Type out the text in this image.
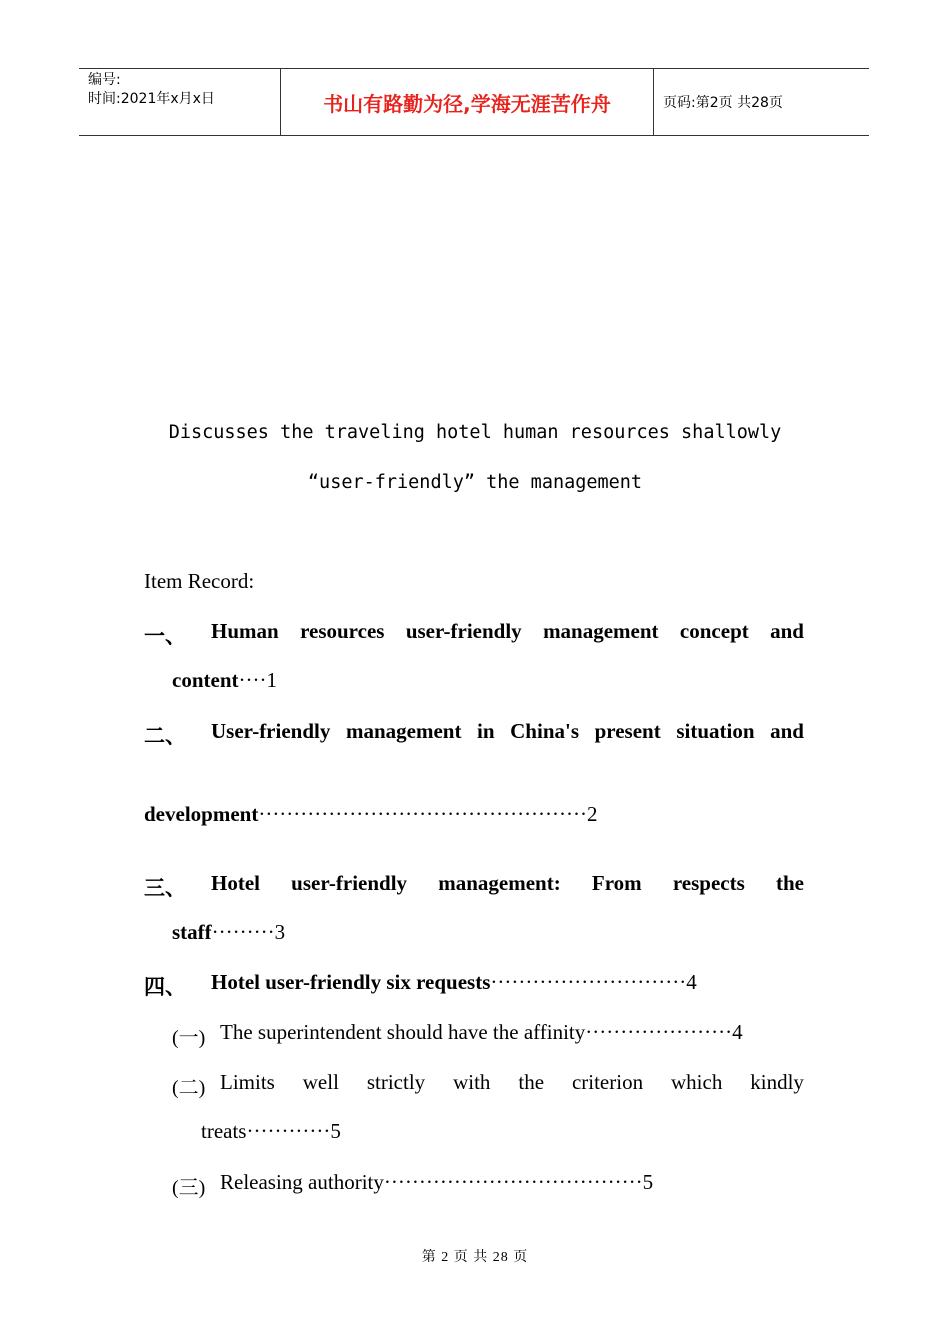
编号:
时间:2021年x月x日	书山有路勤为径,学海无涯苦作舟	页码:第2页 共28页
Discusses the traveling hotel human resources shallowly
“user-friendly” the management
Item Record:
一、 Human resources user-friendly management concept and
content····1
二、 User-friendly management in China's present situation and
development···············································2
三、 Hotel user-friendly management: From respects the
staff·········3
四、 Hotel user-friendly six requests····························4
(一) The superintendent should have the affinity·····················4
(二) Limits well strictly with the criterion which kindly
treats············5
(三) Releasing authority·····································5
第 2 页 共 28 页
